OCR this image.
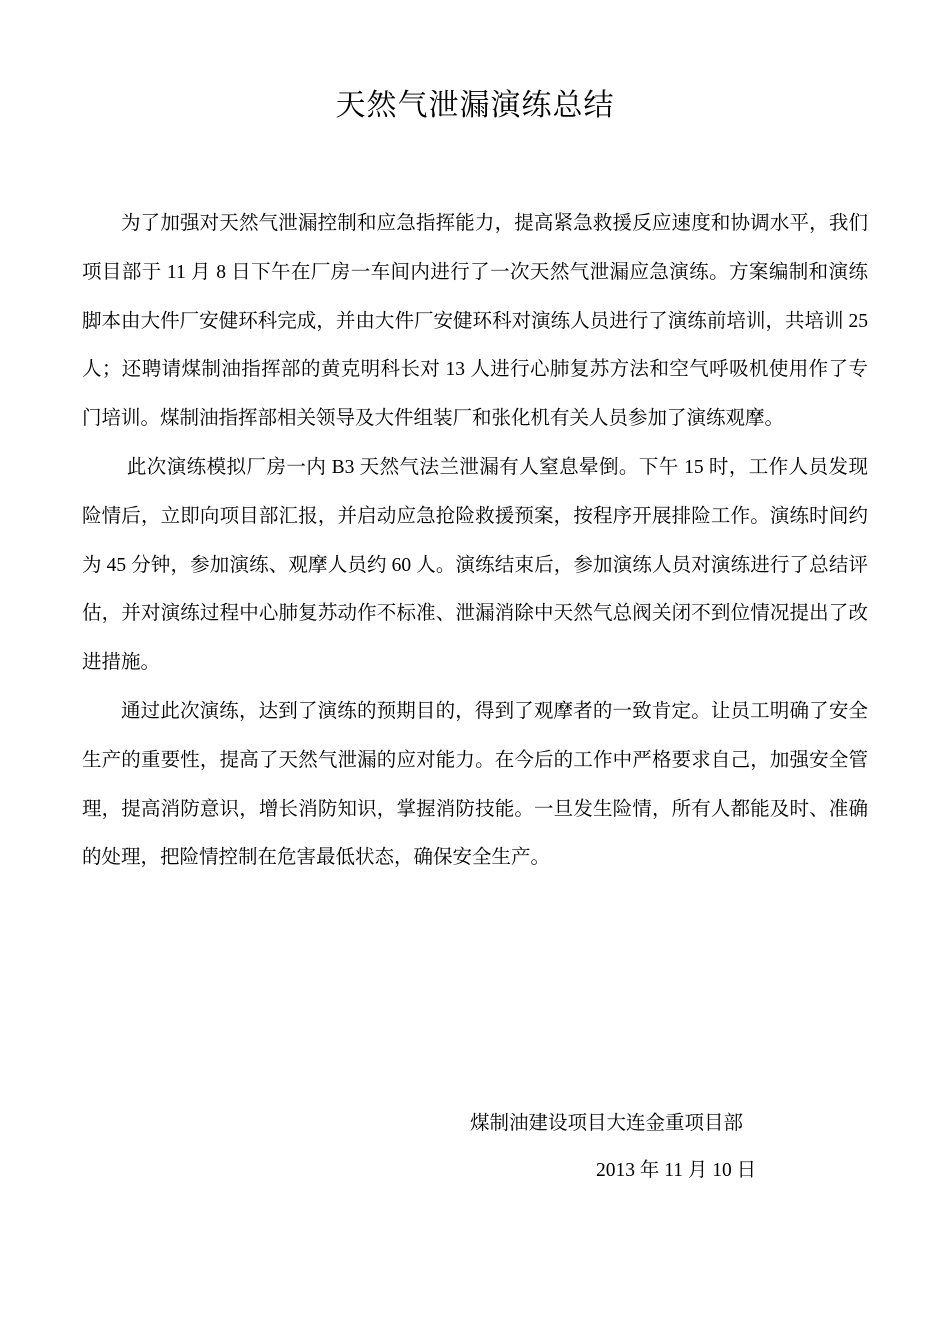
天然气泄漏演练总结

为了加强对天然气泄漏控制和应急指挥能力，提高紧急救援反应速度和协调水平，我们项目部于 11 月 8 日下午在厂房一车间内进行了一次天然气泄漏应急演练。方案编制和演练脚本由大件厂安健环科完成，并由大件厂安健环科对演练人员进行了演练前培训，共培训 25 人；还聘请煤制油指挥部的黄克明科长对 13 人进行心肺复苏方法和空气呼吸机使用作了专门培训。煤制油指挥部相关领导及大件组装厂和张化机有关人员参加了演练观摩。

此次演练模拟厂房一内 B3 天然气法兰泄漏有人窒息晕倒。下午 15 时，工作人员发现险情后，立即向项目部汇报，并启动应急抢险救援预案，按程序开展排险工作。演练时间约为 45 分钟，参加演练、观摩人员约 60 人。演练结束后，参加演练人员对演练进行了总结评估，并对演练过程中心肺复苏动作不标准、泄漏消除中天然气总阀关闭不到位情况提出了改进措施。

通过此次演练，达到了演练的预期目的，得到了观摩者的一致肯定。让员工明确了安全生产的重要性，提高了天然气泄漏的应对能力。在今后的工作中严格要求自己，加强安全管理，提高消防意识，增长消防知识，掌握消防技能。一旦发生险情，所有人都能及时、准确的处理，把险情控制在危害最低状态，确保安全生产。

煤制油建设项目大连金重项目部
2013 年 11 月 10 日
